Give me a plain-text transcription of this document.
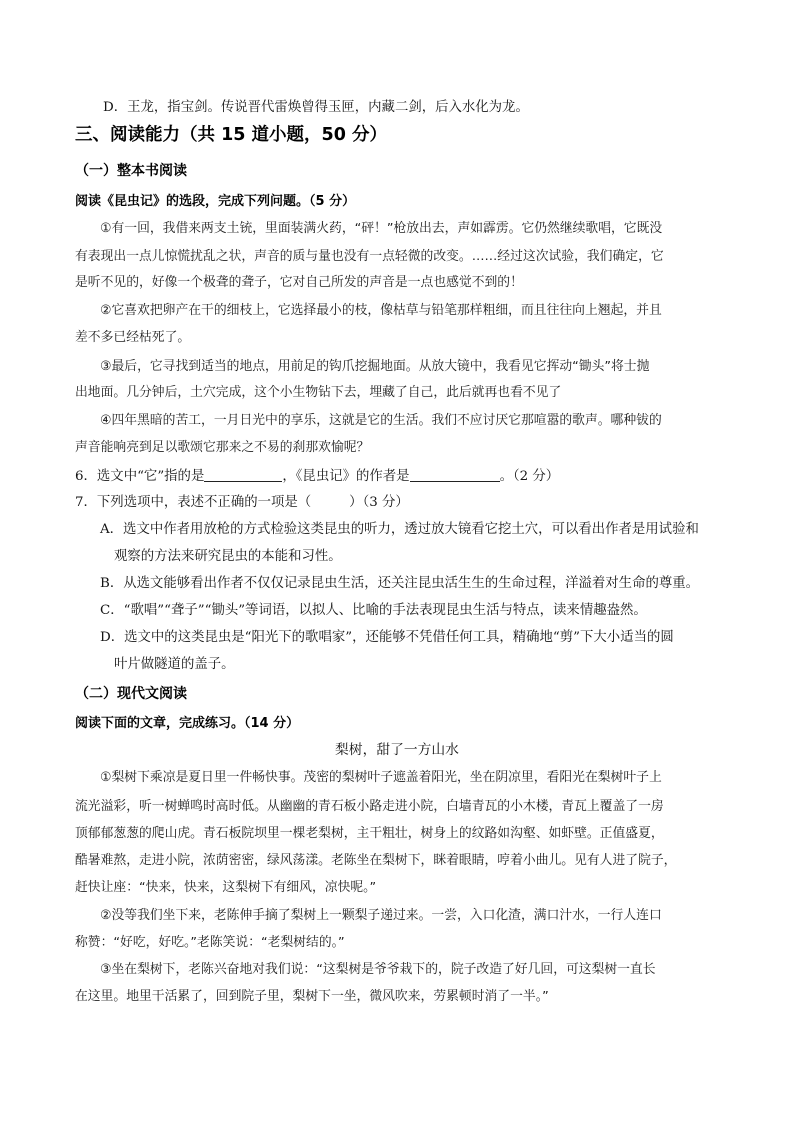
D．王龙，指宝剑。传说晋代雷焕曾得玉匣，内藏二剑，后入水化为龙。
三、阅读能力（共 15 道小题，50 分）
（一）整本书阅读
阅读《昆虫记》的选段，完成下列问题。（5 分）
①有一回，我借来两支土铳，里面装满火药，“砰！”枪放出去，声如霹雳。它仍然继续歌唱，它既没
有表现出一点儿惊慌扰乱之状，声音的质与量也没有一点轻微的改变。……经过这次试验，我们确定，它
是听不见的，好像一个极聋的聋子，它对自己所发的声音是一点也感觉不到的！
②它喜欢把卵产在干的细枝上，它选择最小的枝，像枯草与铅笔那样粗细，而且往往向上翘起，并且
差不多已经枯死了。
③最后，它寻找到适当的地点，用前足的钩爪挖掘地面。从放大镜中，我看见它挥动“锄头”将士抛
出地面。几分钟后，土穴完成，这个小生物钻下去，埋藏了自己，此后就再也看不见了
④四年黑暗的苦工，一月日光中的享乐，这就是它的生活。我们不应讨厌它那喧嚣的歌声。哪种钹的
声音能响亮到足以歌颂它那来之不易的刹那欢愉呢？
6．选文中“它”指的是	，《昆虫记》的作者是	。（2 分）
7．下列选项中，表述不正确的一项是（	）（3 分）
A．选文中作者用放枪的方式检验这类昆虫的听力，透过放大镜看它挖土穴，可以看出作者是用试验和
观察的方法来研究昆虫的本能和习性。
B．从选文能够看出作者不仅仅记录昆虫生活，还关注昆虫活生生的生命过程，洋溢着对生命的尊重。
C．“歌唱”“聋子”“锄头”等词语，以拟人、比喻的手法表现昆虫生活与特点，读来情趣盎然。
D．选文中的这类昆虫是“阳光下的歌唱家”，还能够不凭借任何工具，精确地“剪”下大小适当的圆
叶片做隧道的盖子。
（二）现代文阅读
阅读下面的文章，完成练习。（14 分）
梨树，甜了一方山水
①梨树下乘凉是夏日里一件畅快事。茂密的梨树叶子遮盖着阳光，坐在阴凉里，看阳光在梨树叶子上
流光溢彩，听一树蝉鸣时高时低。从幽幽的青石板小路走进小院，白墙青瓦的小木楼，青瓦上覆盖了一房
顶郁郁葱葱的爬山虎。青石板院坝里一棵老梨树，主干粗壮，树身上的纹路如沟壑、如虾壁。正值盛夏，
酷暑难熬，走进小院，浓荫密密，绿风荡漾。老陈坐在梨树下，眯着眼睛，哼着小曲儿。见有人进了院子，
赶快让座：“快来，快来，这梨树下有细风，凉快呢。”
②没等我们坐下来，老陈伸手摘了梨树上一颗梨子递过来。一尝，入口化渣，满口汁水，一行人连口
称赞：“好吃，好吃。”老陈笑说：“老梨树结的。”
③坐在梨树下，老陈兴奋地对我们说：“这梨树是爷爷栽下的，院子改造了好几回，可这梨树一直长
在这里。地里干活累了，回到院子里，梨树下一坐，微风吹来，劳累顿时消了一半。”
